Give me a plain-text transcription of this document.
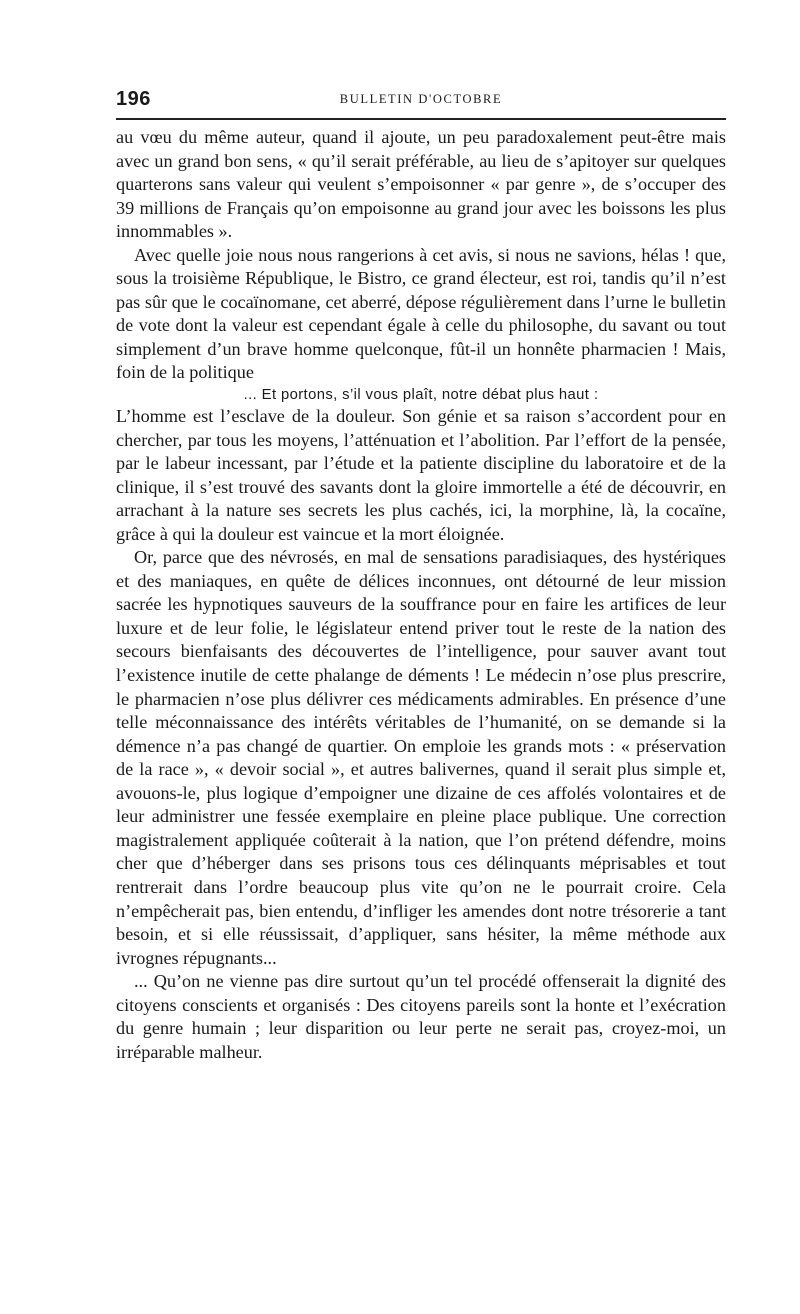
196	BULLETIN D'OCTOBRE

au vœu du même auteur, quand il ajoute, un peu paradoxalement peut-être mais avec un grand bon sens, « qu’il serait préférable, au lieu de s’apitoyer sur quelques quarterons sans valeur qui veulent s’empoisonner « par genre », de s’occuper des 39 millions de Français qu’on empoisonne au grand jour avec les boissons les plus innommables ».

Avec quelle joie nous nous rangerions à cet avis, si nous ne savions, hélas ! que, sous la troisième République, le Bistro, ce grand électeur, est roi, tandis qu’il n’est pas sûr que le cocaïnomane, cet aberré, dépose régulièrement dans l’urne le bulletin de vote dont la valeur est cependant égale à celle du philosophe, du savant ou tout simplement d’un brave homme quelconque, fût-il un honnête pharmacien ! Mais, foin de la politique

... Et portons, s’il vous plaît, notre débat plus haut :

L’homme est l’esclave de la douleur. Son génie et sa raison s’accordent pour en chercher, par tous les moyens, l’atténuation et l’abolition. Par l’effort de la pensée, par le labeur incessant, par l’étude et la patiente discipline du laboratoire et de la clinique, il s’est trouvé des savants dont la gloire immortelle a été de découvrir, en arrachant à la nature ses secrets les plus cachés, ici, la morphine, là, la cocaïne, grâce à qui la douleur est vaincue et la mort éloignée.

Or, parce que des névrosés, en mal de sensations paradisiaques, des hystériques et des maniaques, en quête de délices inconnues, ont détourné de leur mission sacrée les hypnotiques sauveurs de la souffrance pour en faire les artifices de leur luxure et de leur folie, le législateur entend priver tout le reste de la nation des secours bienfaisants des découvertes de l’intelligence, pour sauver avant tout l’existence inutile de cette phalange de déments ! Le médecin n’ose plus prescrire, le pharmacien n’ose plus délivrer ces médicaments admirables. En présence d’une telle méconnaissance des intérêts véritables de l’humanité, on se demande si la démence n’a pas changé de quartier. On emploie les grands mots : « préservation de la race », « devoir social », et autres balivernes, quand il serait plus simple et, avouons-le, plus logique d’empoigner une dizaine de ces affolés volontaires et de leur administrer une fessée exemplaire en pleine place publique. Une correction magistralement appliquée coûterait à la nation, que l’on prétend défendre, moins cher que d’héberger dans ses prisons tous ces délinquants méprisables et tout rentrerait dans l’ordre beaucoup plus vite qu’on ne le pourrait croire. Cela n’empêcherait pas, bien entendu, d’infliger les amendes dont notre trésorerie a tant besoin, et si elle réussissait, d’appliquer, sans hésiter, la même méthode aux ivrognes répugnants...

... Qu’on ne vienne pas dire surtout qu’un tel procédé offenserait la dignité des citoyens conscients et organisés : Des citoyens pareils sont la honte et l’exécration du genre humain ; leur disparition ou leur perte ne serait pas, croyez-moi, un irréparable malheur.
